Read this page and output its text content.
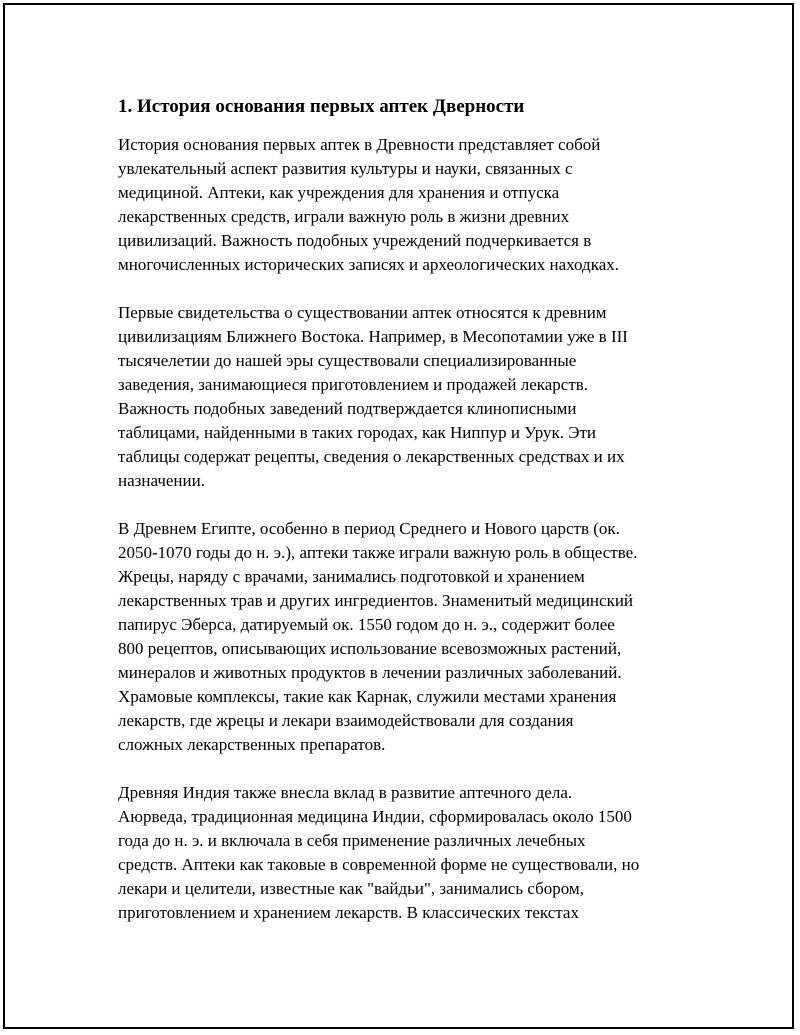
1. История основания первых аптек Дверности

История основания первых аптек в Древности представляет собой
увлекательный аспект развития культуры и науки, связанных с
медициной. Аптеки, как учреждения для хранения и отпуска
лекарственных средств, играли важную роль в жизни древних
цивилизаций. Важность подобных учреждений подчеркивается в
многочисленных исторических записях и археологических находках.

Первые свидетельства о существовании аптек относятся к древним
цивилизациям Ближнего Востока. Например, в Месопотамии уже в III
тысячелетии до нашей эры существовали специализированные
заведения, занимающиеся приготовлением и продажей лекарств.
Важность подобных заведений подтверждается клинописными
таблицами, найденными в таких городах, как Ниппур и Урук. Эти
таблицы содержат рецепты, сведения о лекарственных средствах и их
назначении.

В Древнем Египте, особенно в период Среднего и Нового царств (ок.
2050-1070 годы до н. э.), аптеки также играли важную роль в обществе.
Жрецы, наряду с врачами, занимались подготовкой и хранением
лекарственных трав и других ингредиентов. Знаменитый медицинский
папирус Эберса, датируемый ок. 1550 годом до н. э., содержит более
800 рецептов, описывающих использование всевозможных растений,
минералов и животных продуктов в лечении различных заболеваний.
Храмовые комплексы, такие как Карнак, служили местами хранения
лекарств, где жрецы и лекари взаимодействовали для создания
сложных лекарственных препаратов.

Древняя Индия также внесла вклад в развитие аптечного дела.
Аюрведа, традиционная медицина Индии, сформировалась около 1500
года до н. э. и включала в себя применение различных лечебных
средств. Аптеки как таковые в современной форме не существовали, но
лекари и целители, известные как "вайдьи", занимались сбором,
приготовлением и хранением лекарств. В классических текстах
